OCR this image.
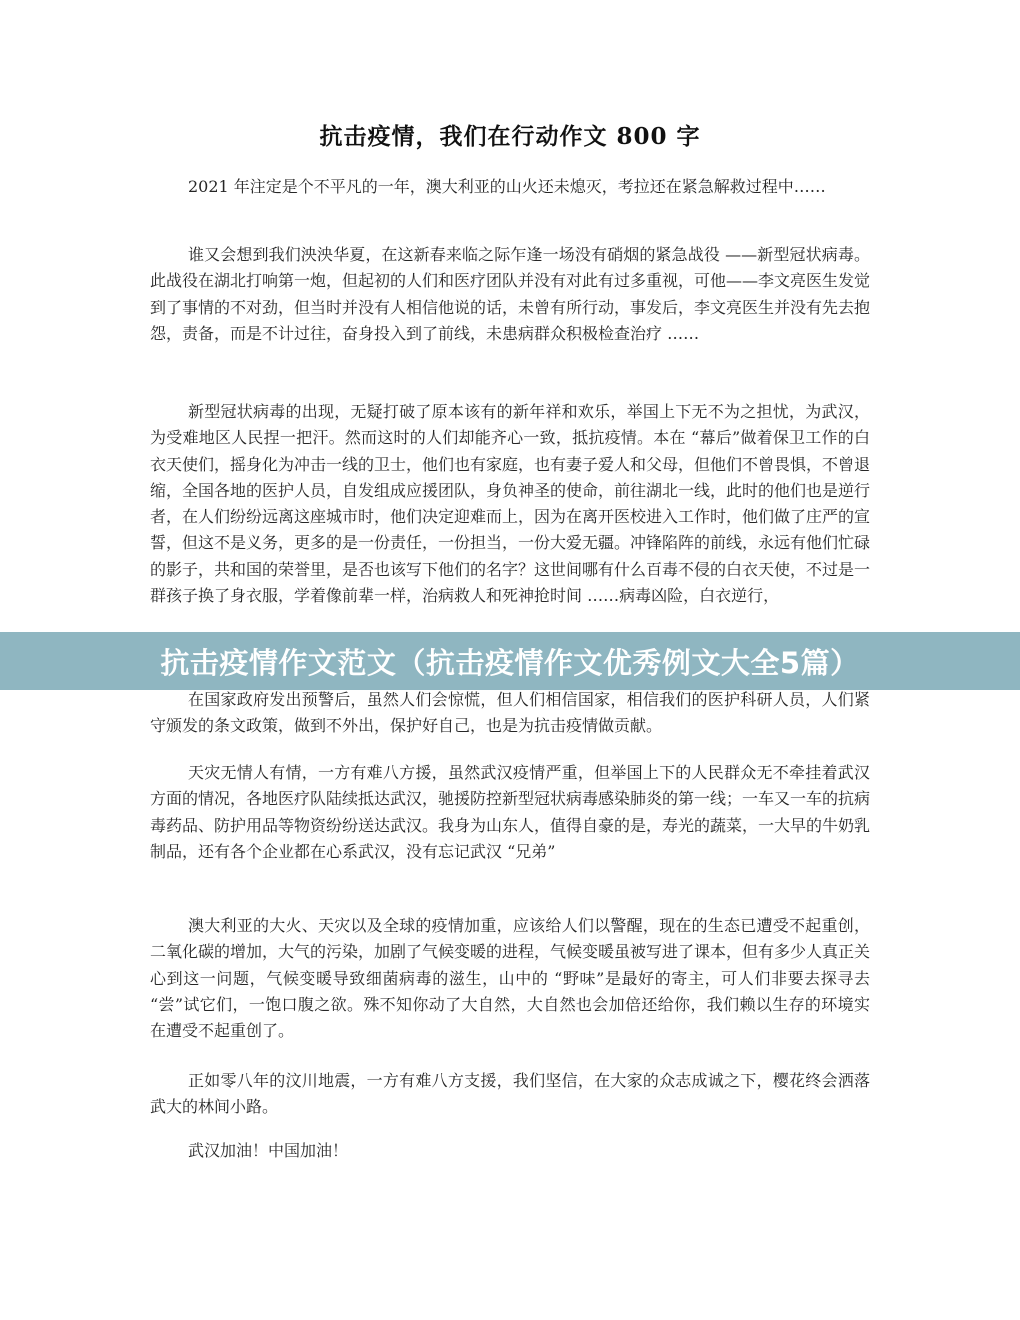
抗击疫情，我们在行动作文 800 字

2021 年注定是个不平凡的一年，澳大利亚的山火还未熄灭，考拉还在紧急解救过程中……

谁又会想到我们泱泱华夏，在这新春来临之际乍逢一场没有硝烟的紧急战役 ——新型冠状病毒。此战役在湖北打响第一炮，但起初的人们和医疗团队并没有对此有过多重视，可他——李文亮医生发觉到了事情的不对劲，但当时并没有人相信他说的话，未曾有所行动，事发后，李文亮医生并没有先去抱怨，责备，而是不计过往，奋身投入到了前线，未患病群众积极检查治疗 ……

新型冠状病毒的出现，无疑打破了原本该有的新年祥和欢乐，举国上下无不为之担忧，为武汉，为受难地区人民捏一把汗。然而这时的人们却能齐心一致，抵抗疫情。本在 “幕后”做着保卫工作的白衣天使们，摇身化为冲击一线的卫士，他们也有家庭，也有妻子爱人和父母，但他们不曾畏惧，不曾退缩，全国各地的医护人员，自发组成应援团队，身负神圣的使命，前往湖北一线，此时的他们也是逆行者，在人们纷纷远离这座城市时，他们决定迎难而上，因为在离开医校进入工作时，他们做了庄严的宣誓，但这不是义务，更多的是一份责任，一份担当，一份大爱无疆。冲锋陷阵的前线，永远有他们忙碌的影子，共和国的荣誉里，是否也该写下他们的名字？这世间哪有什么百毒不侵的白衣天使，不过是一群孩子换了身衣服，学着像前辈一样，治病救人和死神抢时间 ……病毒凶险，白衣逆行，

在国家政府发出预警后，虽然人们会惊慌，但人们相信国家，相信我们的医护科研人员，人们紧守颁发的条文政策，做到不外出，保护好自己，也是为抗击疫情做贡献。

天灾无情人有情，一方有难八方援，虽然武汉疫情严重，但举国上下的人民群众无不牵挂着武汉方面的情况，各地医疗队陆续抵达武汉，驰援防控新型冠状病毒感染肺炎的第一线；一车又一车的抗病毒药品、防护用品等物资纷纷送达武汉。我身为山东人，值得自豪的是，寿光的蔬菜，一大早的牛奶乳制品，还有各个企业都在心系武汉，没有忘记武汉 “兄弟”

澳大利亚的大火、天灾以及全球的疫情加重，应该给人们以警醒，现在的生态已遭受不起重创，二氧化碳的增加，大气的污染，加剧了气候变暖的进程，气候变暖虽被写进了课本，但有多少人真正关心到这一问题，气候变暖导致细菌病毒的滋生，山中的 “野味”是最好的寄主，可人们非要去探寻去 “尝”试它们，一饱口腹之欲。殊不知你动了大自然，大自然也会加倍还给你，我们赖以生存的环境实在遭受不起重创了。

正如零八年的汶川地震，一方有难八方支援，我们坚信，在大家的众志成诚之下，樱花终会洒落武大的林间小路。

武汉加油！中国加油！

抗击疫情作文范文（抗击疫情作文优秀例文大全5篇）
